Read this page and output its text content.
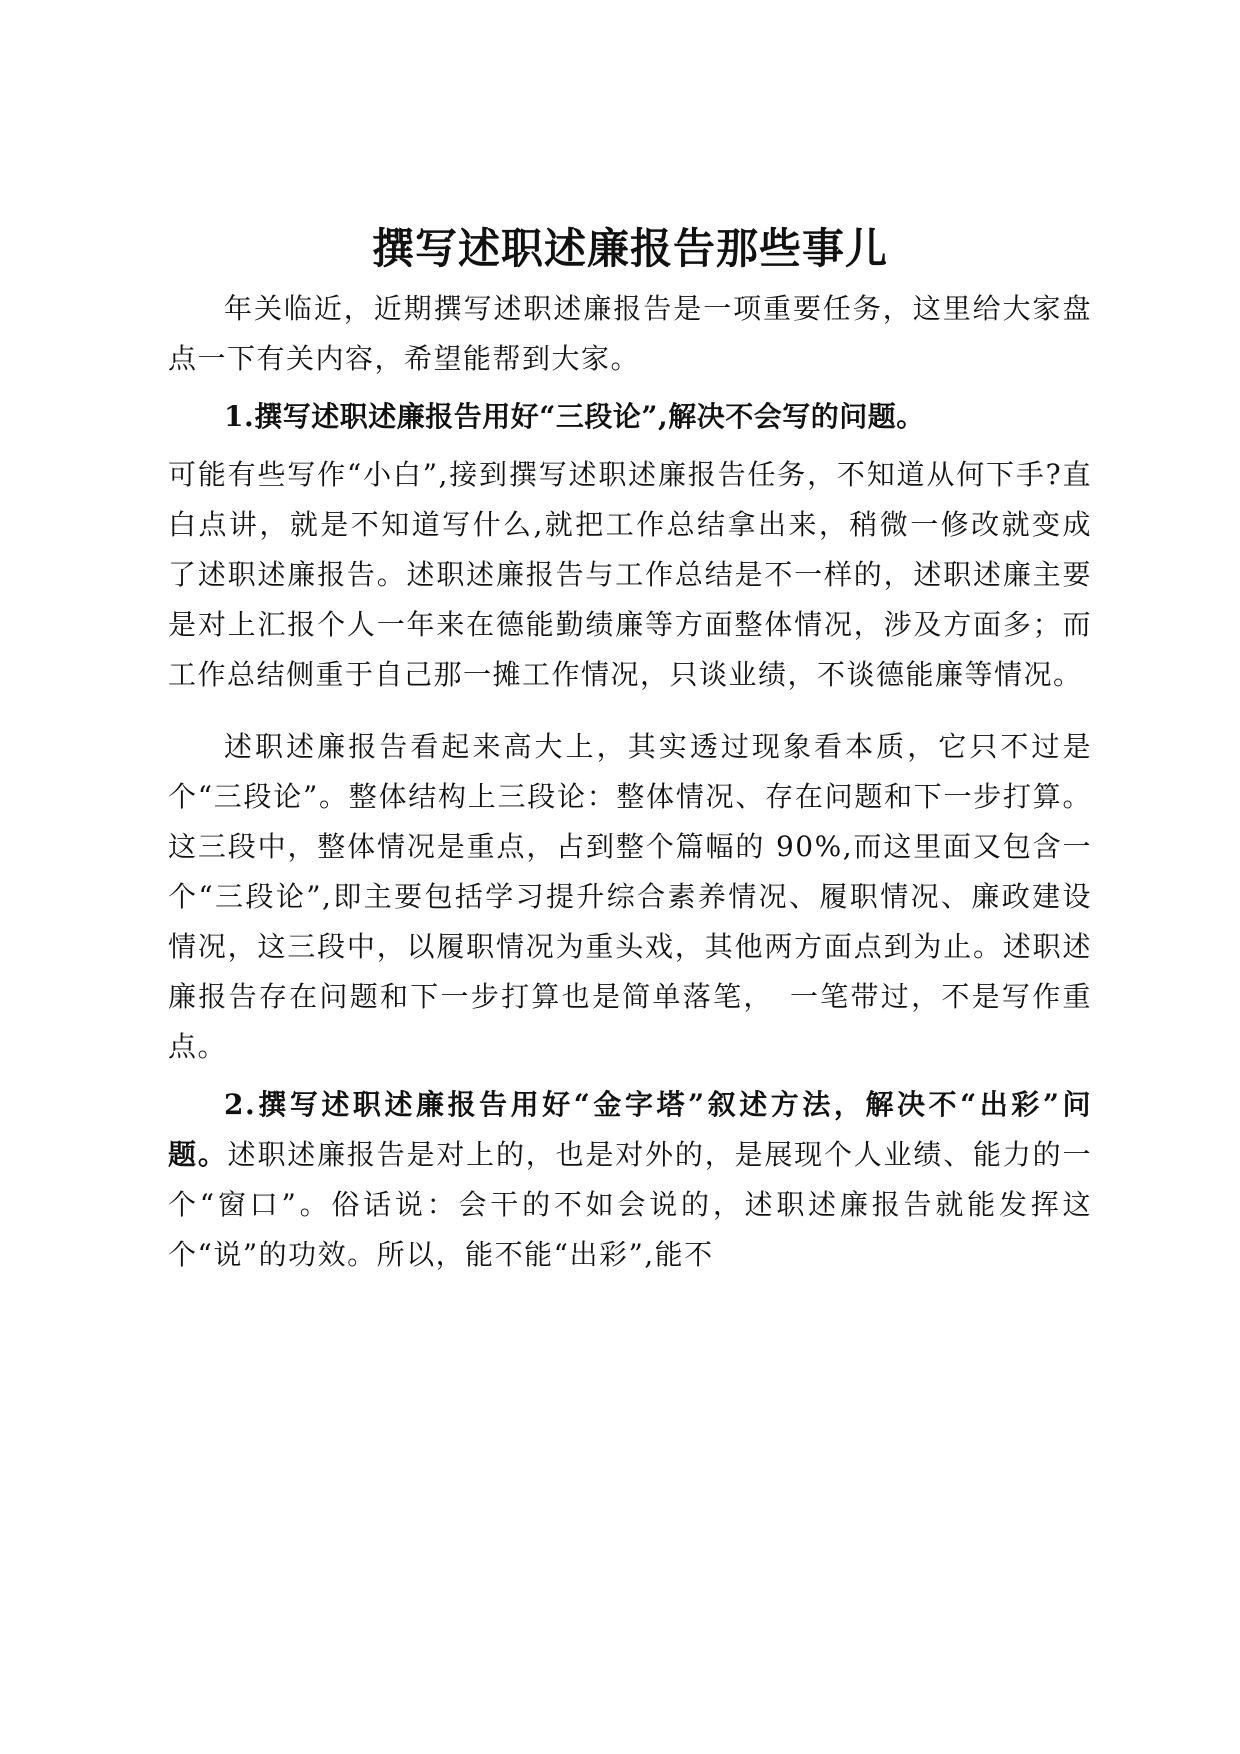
撰写述职述廉报告那些事儿

年关临近，近期撰写述职述廉报告是一项重要任务，这里给大家盘点一下有关内容，希望能帮到大家。

1.撰写述职述廉报告用好“三段论”,解决不会写的问题。

可能有些写作“小白”,接到撰写述职述廉报告任务，不知道从何下手?直白点讲，就是不知道写什么,就把工作总结拿出来，稍微一修改就变成了述职述廉报告。述职述廉报告与工作总结是不一样的，述职述廉主要是对上汇报个人一年来在德能勤绩廉等方面整体情况，涉及方面多；而工作总结侧重于自己那一摊工作情况，只谈业绩，不谈德能廉等情况。

述职述廉报告看起来高大上，其实透过现象看本质，它只不过是个“三段论”。整体结构上三段论：整体情况、存在问题和下一步打算。这三段中，整体情况是重点，占到整个篇幅的 90%,而这里面又包含一个“三段论”,即主要包括学习提升综合素养情况、履职情况、廉政建设情况，这三段中，以履职情况为重头戏，其他两方面点到为止。述职述廉报告存在问题和下一步打算也是简单落笔，　一笔带过，不是写作重点。

2.撰写述职述廉报告用好“金字塔”叙述方法，解决不“出彩”问题。述职述廉报告是对上的，也是对外的，是展现个人业绩、能力的一个“窗口”。俗话说：会干的不如会说的，述职述廉报告就能发挥这个“说”的功效。所以，能不能“出彩”,能不
